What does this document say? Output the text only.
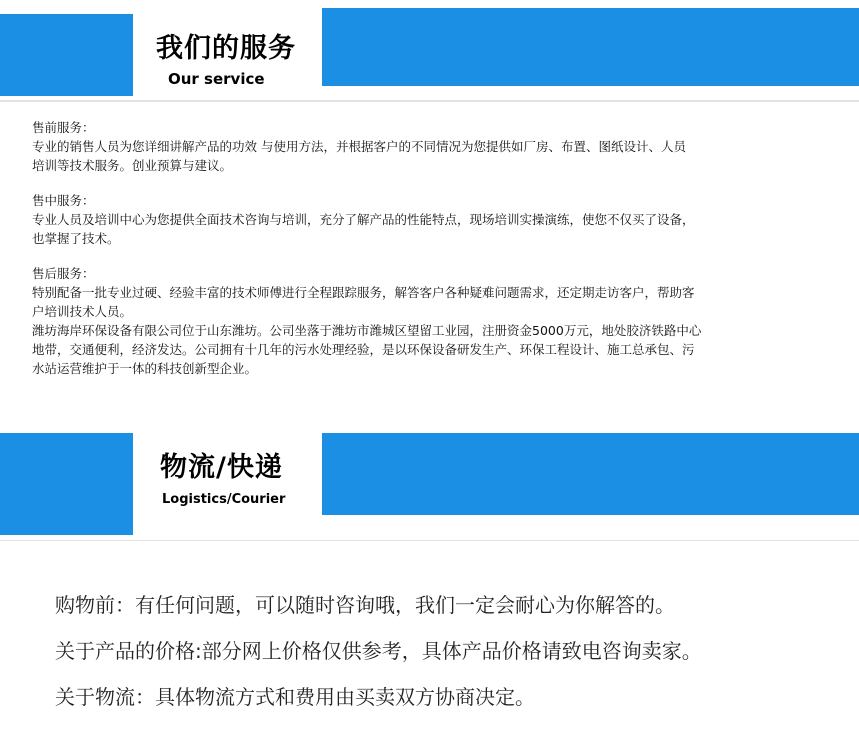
我们的服务
Our service

售前服务：

专业的销售人员为您详细讲解产品的功效 与使用方法，并根据客户的不同情况为您提供如厂房、布置、图纸设计、人员

培训等技术服务。创业预算与建议。

售中服务：

专业人员及培训中心为您提供全面技术咨询与培训，充分了解产品的性能特点，现场培训实操演练，使您不仅买了设备，

也掌握了技术。

售后服务：

特别配备一批专业过硬、经验丰富的技术师傅进行全程跟踪服务，解答客户各种疑难问题需求，还定期走访客户，帮助客

户培训技术人员。

潍坊海岸环保设备有限公司位于山东潍坊。公司坐落于潍坊市潍城区望留工业园，注册资金5000万元，地处胶济铁路中心

地带，交通便利，经济发达。公司拥有十几年的污水处理经验，是以环保设备研发生产、环保工程设计、施工总承包、污

水站运营维护于一体的科技创新型企业。

物流/快递
Logistics/Courier

购物前：有任何问题，可以随时咨询哦，我们一定会耐心为你解答的。

关于产品的价格:部分网上价格仅供参考，具体产品价格请致电咨询卖家。

关于物流：具体物流方式和费用由买卖双方协商决定。
